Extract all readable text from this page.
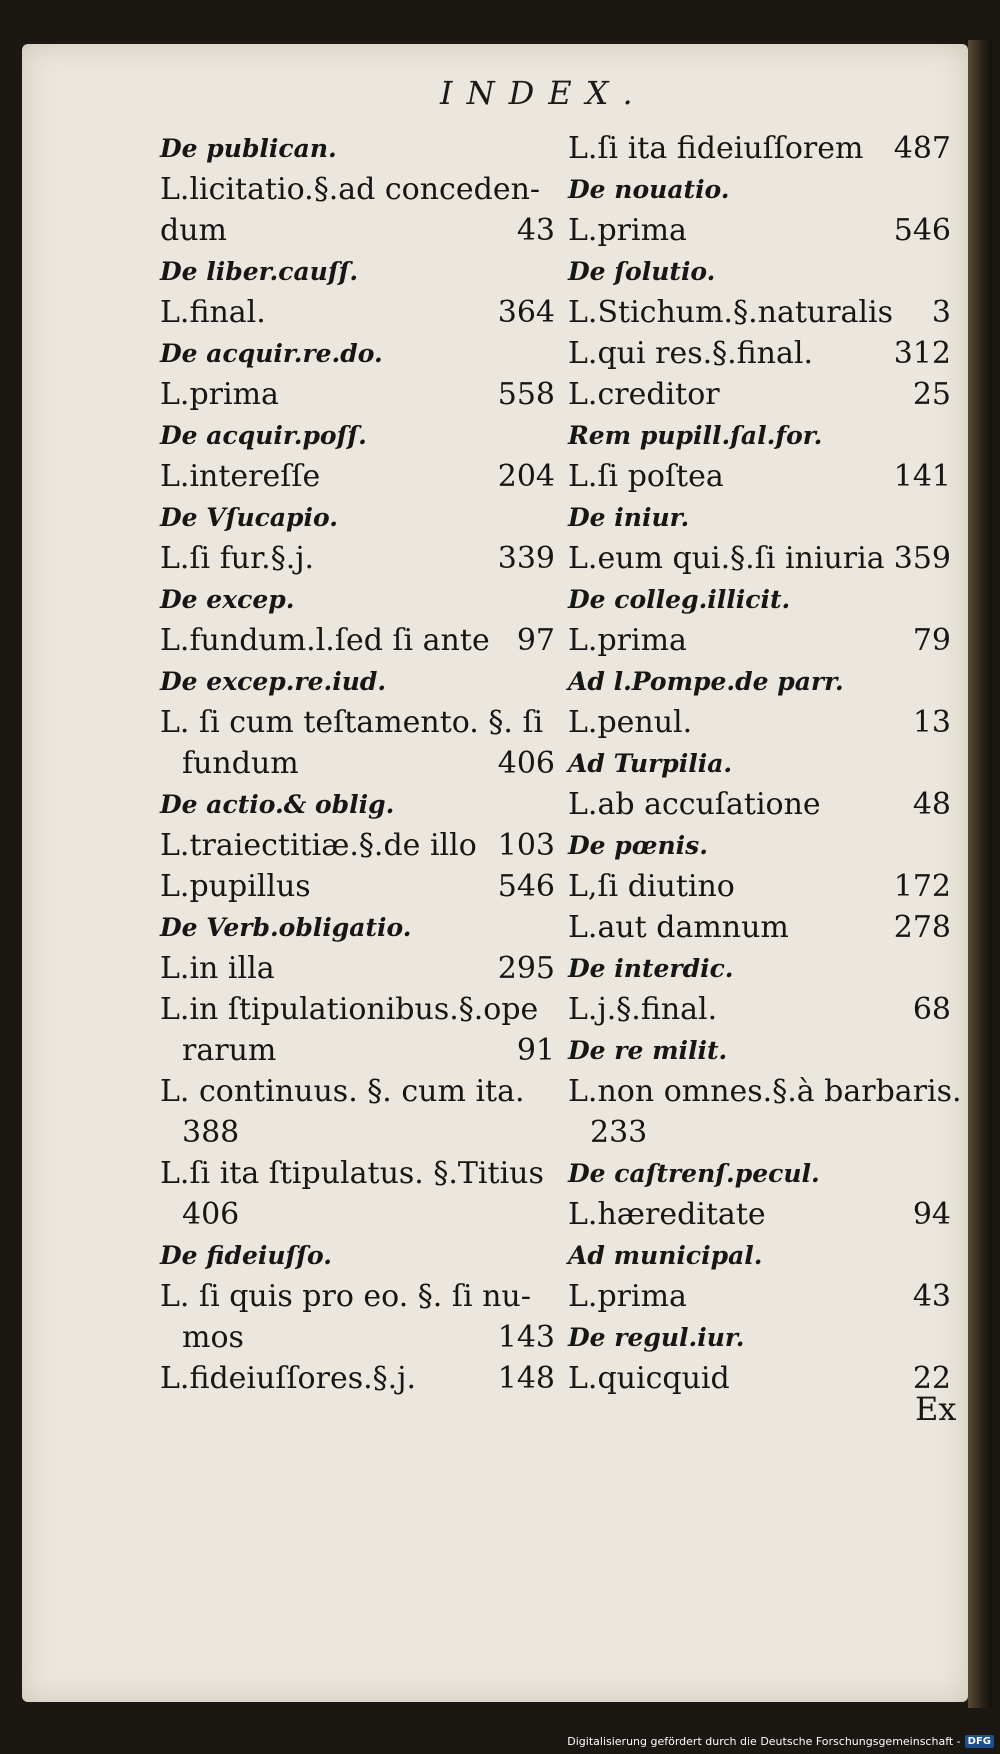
INDEX.
De publican.
L.licitatio.§.ad conceden-
dum	43
De liber.cauſſ.
L.final.	364
De acquir.re.do.
L.prima	558
De acquir.poſſ.
L.intereſſe	204
De Vſucapio.
L.ſi fur.§.j.	339
De excep.
L.fundum.l.ſed ſi ante 97
De excep.re.iud.
L. ſi cum teſtamento. §. ſi
fundum	406
De actio.& oblig.
L.traiectitiæ.§.de illo 103
L.pupillus	546
De Verb.obligatio.
L.in illa	295
L.in ſtipulationibus.§.ope
rarum	91
L. continuus. §. cum ita.
388
L.ſi ita ſtipulatus. §.Titius
406
De fideiuſſo.
L. ſi quis pro eo. §. ſi nu-
mos	143
L.fideiuſſores.§.j.	148
L.ſi ita fideiuſſorem 487
De nouatio.
L.prima	546
De ſolutio.
L.Stichum.§.naturalis 3
L.qui res.§.final.	312
L.creditor	25
Rem pupill.ſal.for.
L.ſi poſtea	141
De iniur.
L.eum qui.§.ſi iniuria 359
De colleg.illicit.
L.prima	79
Ad l.Pompe.de parr.
L.penul.	13
Ad Turpilia.
L.ab accuſatione	48
De pœnis.
L,ſi diutino	172
L.aut damnum	278
De interdic.
L.j.§.final.	68
De re milit.
L.non omnes.§.à barbaris.
233
De caſtrenſ.pecul.
L.hæreditate	94
Ad municipal.
L.prima	43
De regul.iur.
L.quicquid	22
Ex
Digitalisierung gefördert durch die Deutsche Forschungsgemeinschaft - DFG
